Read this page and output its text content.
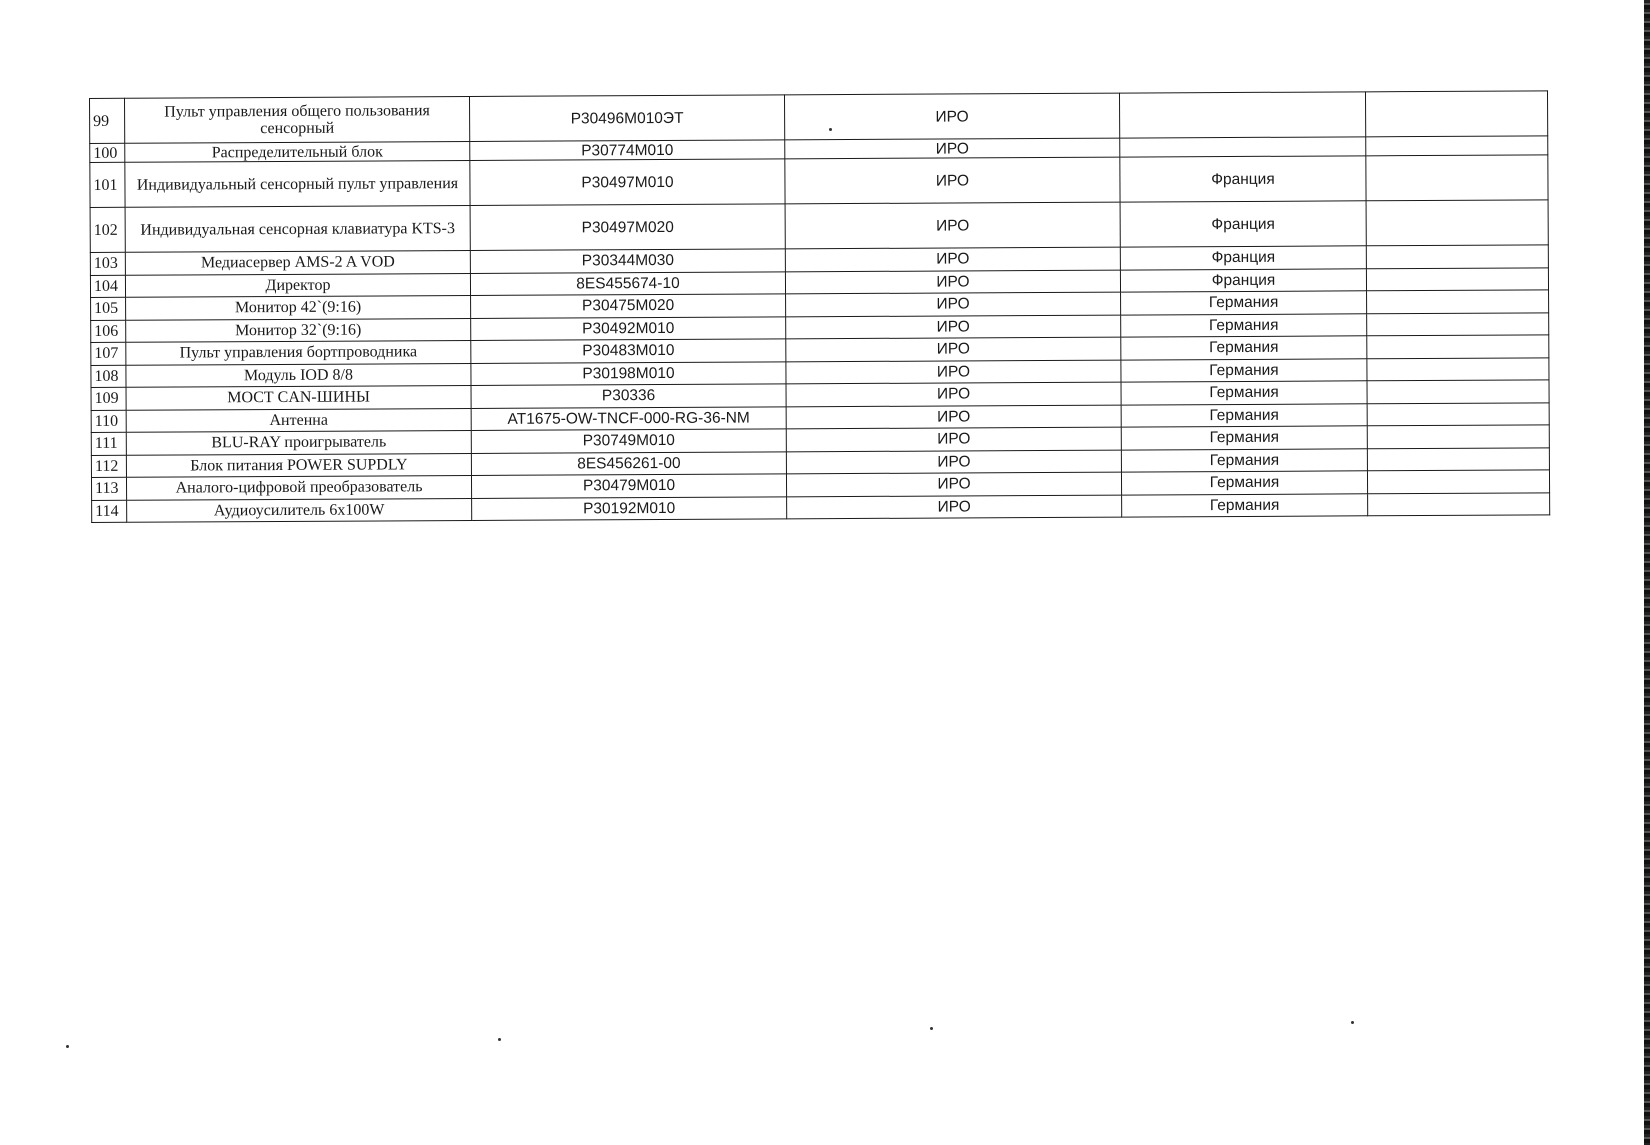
99	Пульт управления общего пользования сенсорный	P30496M010ЭТ	ИРО		
100	Распределительный блок	P30774M010	ИРО		
101	Индивидуальный сенсорный пульт управления	P30497M010	ИРО	Франция	
102	Индивидуальная сенсорная клавиатура KTS-3	P30497M020	ИРО	Франция	
103	Медиасервер AMS-2 A VOD	P30344M030	ИРО	Франция	
104	Директор	8ES455674-10	ИРО	Франция	
105	Монитор 42`(9:16)	P30475M020	ИРО	Германия	
106	Монитор 32`(9:16)	P30492M010	ИРО	Германия	
107	Пульт управления бортпроводника	P30483M010	ИРО	Германия	
108	Модуль IOD 8/8	P30198M010	ИРО	Германия	
109	МОСТ CAN-ШИНЫ	P30336	ИРО	Германия	
110	Антенна	AT1675-OW-TNCF-000-RG-36-NM	ИРО	Германия	
111	BLU-RAY проигрыватель	P30749M010	ИРО	Германия	
112	Блок питания POWER SUPDLY	8ES456261-00	ИРО	Германия	
113	Аналого-цифровой преобразователь	P30479M010	ИРО	Германия	
114	Аудиоусилитель 6x100W	P30192M010	ИРО	Германия	
